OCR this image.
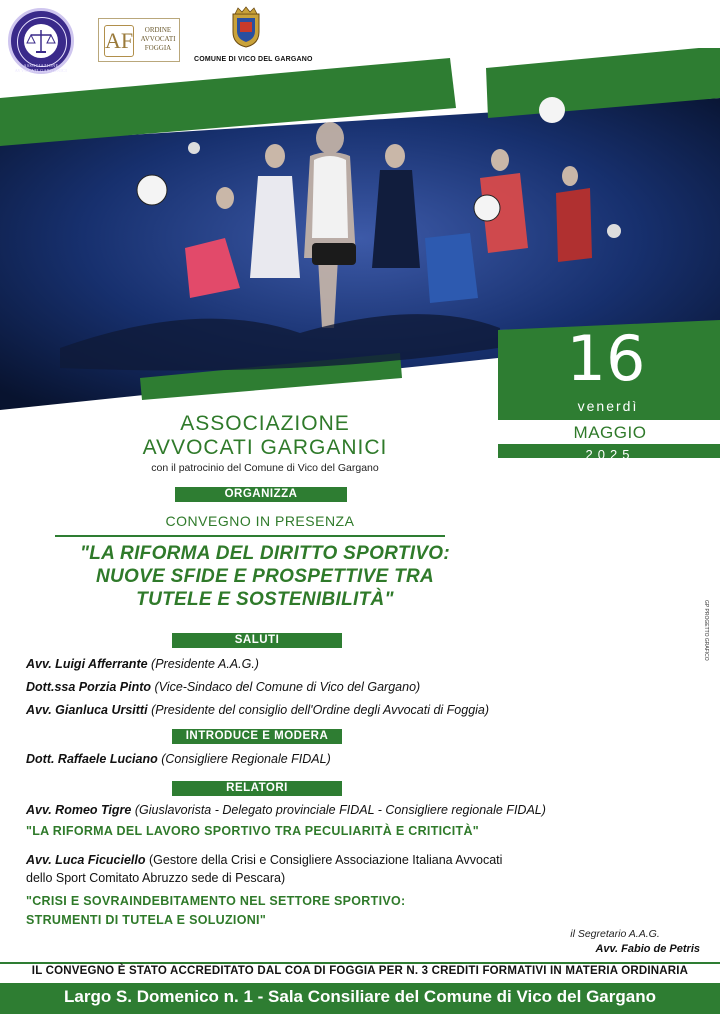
ASSOCIAZIONE AVVOCATI GARGANICI
AF	ORDINE
AVVOCATI
FOGGIA
COMUNE DI VICO DEL GARGANO
16
venerdì
MAGGIO
2025
dalle ore 15:30
alle ore 18:30
ASSOCIAZIONE
AVVOCATI GARGANICI
con il patrocinio del Comune di Vico del Gargano
ORGANIZZA
CONVEGNO IN PRESENZA
"LA RIFORMA DEL DIRITTO SPORTIVO:
NUOVE SFIDE E PROSPETTIVE TRA
TUTELE E SOSTENIBILITÀ"
GP PROGETTO GRAFICO
SALUTI
Avv. Luigi Afferrante (Presidente A.A.G.)
Dott.ssa Porzia Pinto (Vice-Sindaco del Comune di Vico del Gargano)
Avv. Gianluca Ursitti (Presidente del consiglio dell'Ordine degli Avvocati di Foggia)
INTRODUCE E MODERA
Dott. Raffaele Luciano (Consigliere Regionale FIDAL)
RELATORI
Avv. Romeo Tigre (Giuslavorista - Delegato provinciale FIDAL - Consigliere regionale FIDAL)
"LA RIFORMA DEL LAVORO SPORTIVO TRA PECULIARITÀ E CRITICITÀ"
Avv. Luca Ficuciello (Gestore della Crisi e Consigliere Associazione Italiana Avvocati
dello Sport Comitato Abruzzo sede di Pescara)
"CRISI E SOVRAINDEBITAMENTO NEL SETTORE SPORTIVO:
STRUMENTI DI TUTELA E SOLUZIONI"
il Segretario A.A.G.
Avv. Fabio de Petris
IL CONVEGNO È STATO ACCREDITATO DAL COA DI FOGGIA PER N. 3 CREDITI FORMATIVI IN MATERIA ORDINARIA
Largo S. Domenico n. 1 - Sala Consiliare del Comune di Vico del Gargano
